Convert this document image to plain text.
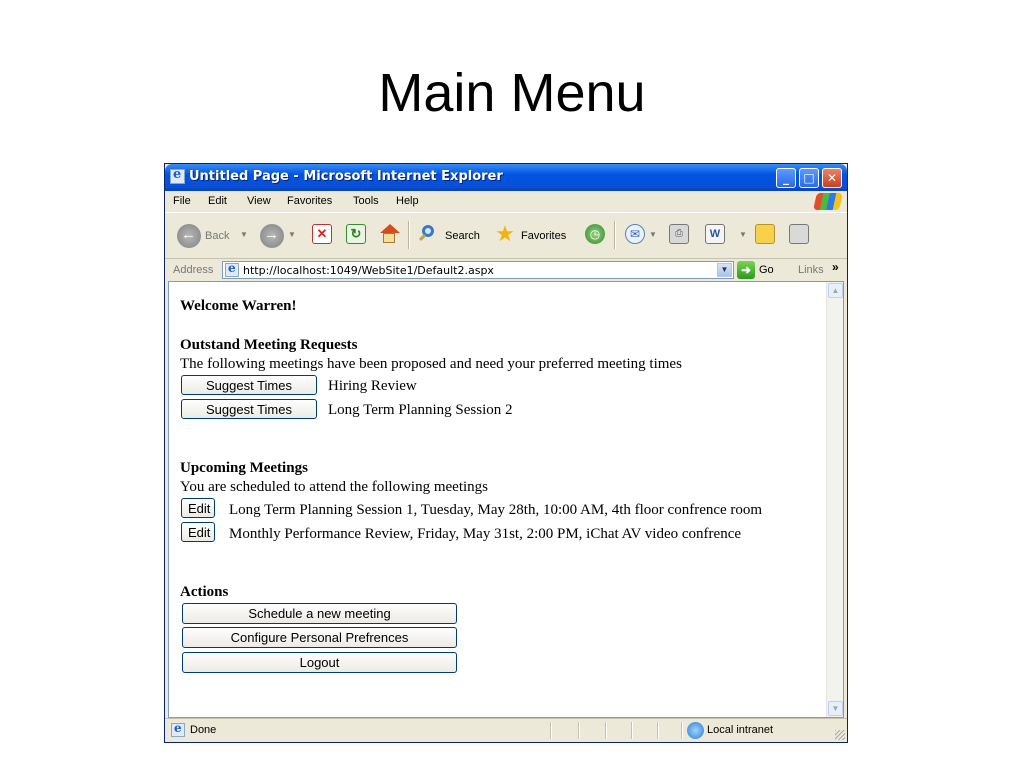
Main Menu
e
Untitled Page - Microsoft Internet Explorer	_	□	✕
File Edit View Favorites Tools Help
←
Back ▼ →	▼	✕	↻	Search ★ Favorites	◷	✉	▼	⎙	W	▼
Address e	http://localhost:1049/WebSite1/Default2.aspx	▼	➜ Go Links »
Welcome Warren!
Outstand Meeting Requests
The following meetings have been proposed and need your preferred meeting times
Suggest Times	Hiring Review
Suggest Times	Long Term Planning Session 2
Upcoming Meetings
You are scheduled to attend the following meetings
Edit	Long Term Planning Session 1, Tuesday, May 28th, 10:00 AM, 4th floor confrence room
Edit	Monthly Performance Review, Friday, May 31st, 2:00 PM, iChat AV video confrence
Actions
Schedule a new meeting
Configure Personal Prefrences
Logout
▲
▼
e
Done	Local intranet
